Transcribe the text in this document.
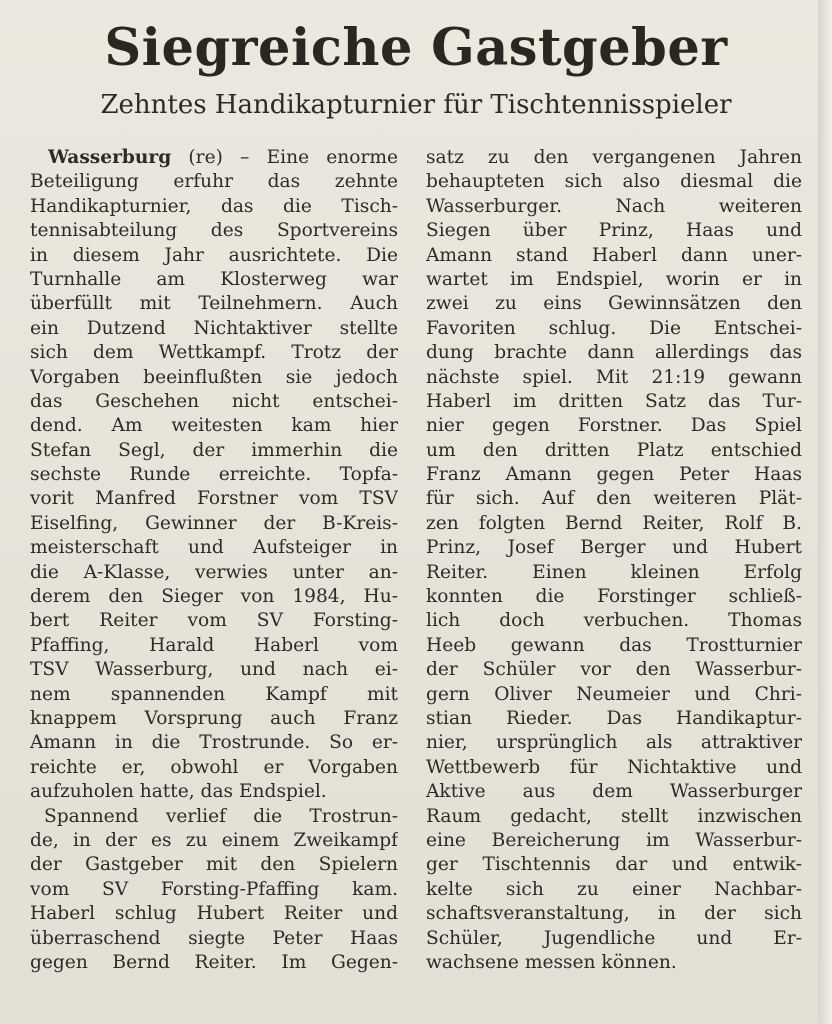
Siegreiche Gastgeber
Zehntes Handikapturnier für Tischtennisspieler
Wasserburg (re) – Eine enorme
Beteiligung erfuhr das zehnte
Handikapturnier, das die Tisch-
tennisabteilung des Sportvereins
in diesem Jahr ausrichtete. Die
Turnhalle am Klosterweg war
überfüllt mit Teilnehmern. Auch
ein Dutzend Nichtaktiver stellte
sich dem Wettkampf. Trotz der
Vorgaben beeinflußten sie jedoch
das Geschehen nicht entschei-
dend. Am weitesten kam hier
Stefan Segl, der immerhin die
sechste Runde erreichte. Topfa-
vorit Manfred Forstner vom TSV
Eiselfing, Gewinner der B-Kreis-
meisterschaft und Aufsteiger in
die A-Klasse, verwies unter an-
derem den Sieger von 1984, Hu-
bert Reiter vom SV Forsting-
Pfaffing, Harald Haberl vom
TSV Wasserburg, und nach ei-
nem spannenden Kampf mit
knappem Vorsprung auch Franz
Amann in die Trostrunde. So er-
reichte er, obwohl er Vorgaben
aufzuholen hatte, das Endspiel.
Spannend verlief die Trostrun-
de, in der es zu einem Zweikampf
der Gastgeber mit den Spielern
vom SV Forsting-Pfaffing kam.
Haberl schlug Hubert Reiter und
überraschend siegte Peter Haas
gegen Bernd Reiter. Im Gegen-
satz zu den vergangenen Jahren
behaupteten sich also diesmal die
Wasserburger. Nach weiteren
Siegen über Prinz, Haas und
Amann stand Haberl dann uner-
wartet im Endspiel, worin er in
zwei zu eins Gewinnsätzen den
Favoriten schlug. Die Entschei-
dung brachte dann allerdings das
nächste spiel. Mit 21:19 gewann
Haberl im dritten Satz das Tur-
nier gegen Forstner. Das Spiel
um den dritten Platz entschied
Franz Amann gegen Peter Haas
für sich. Auf den weiteren Plät-
zen folgten Bernd Reiter, Rolf B.
Prinz, Josef Berger und Hubert
Reiter. Einen kleinen Erfolg
konnten die Forstinger schließ-
lich doch verbuchen. Thomas
Heeb gewann das Trostturnier
der Schüler vor den Wasserbur-
gern Oliver Neumeier und Chri-
stian Rieder. Das Handikaptur-
nier, ursprünglich als attraktiver
Wettbewerb für Nichtaktive und
Aktive aus dem Wasserburger
Raum gedacht, stellt inzwischen
eine Bereicherung im Wasserbur-
ger Tischtennis dar und entwik-
kelte sich zu einer Nachbar-
schaftsveranstaltung, in der sich
Schüler, Jugendliche und Er-
wachsene messen können.
